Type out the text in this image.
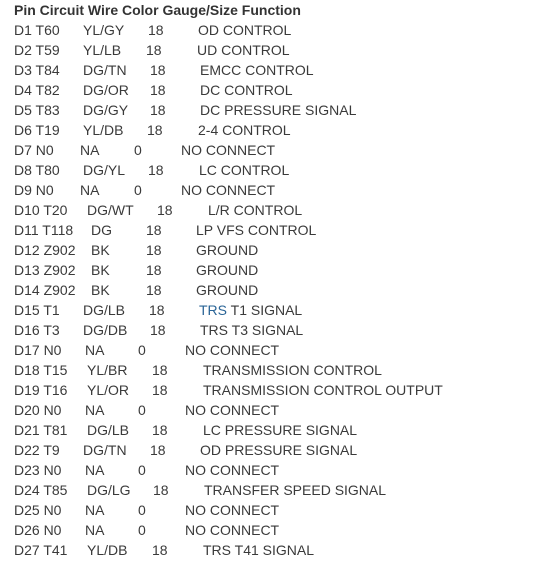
Pin Circuit Wire Color Gauge/Size Function
D1 T60 YL/GY 18 OD CONTROL
D2 T59 YL/LB 18	UD CONTROL
D3 T84 DG/TN 18 EMCC CONTROL
D4 T82 DG/OR 18 DC CONTROL
D5 T83 DG/GY 18 DC PRESSURE SIGNAL
D6 T19 YL/DB 18	2-4 CONTROL
D7 N0 NA 0	NO CONNECT
D8 T80 DG/YL 18	LC CONTROL
D9 N0 NA 0	NO CONNECT
D10 T20 DG/WT 18	L/R CONTROL
D11 T118 DG 18 LP VFS CONTROL
D12 Z902 BK	18 GROUND
D13 Z902 BK	18 GROUND
D14 Z902 BK	18 GROUND
D15 T1 DG/LB 18 TRS T1 SIGNAL
D16 T3 DG/DB 18 TRS T3 SIGNAL
D17 N0 NA 0	NO CONNECT
D18 T15 YL/BR 18	TRANSMISSION CONTROL
D19 T16 YL/OR 18	TRANSMISSION CONTROL OUTPUT
D20 N0 NA 0	NO CONNECT
D21 T81 DG/LB 18	LC PRESSURE SIGNAL
D22 T9 DG/TN 18 OD PRESSURE SIGNAL
D23 N0 NA 0	NO CONNECT
D24 T85 DG/LG 18	TRANSFER SPEED SIGNAL
D25 N0 NA 0	NO CONNECT
D26 N0 NA 0	NO CONNECT
D27 T41 YL/DB 18	TRS T41 SIGNAL
